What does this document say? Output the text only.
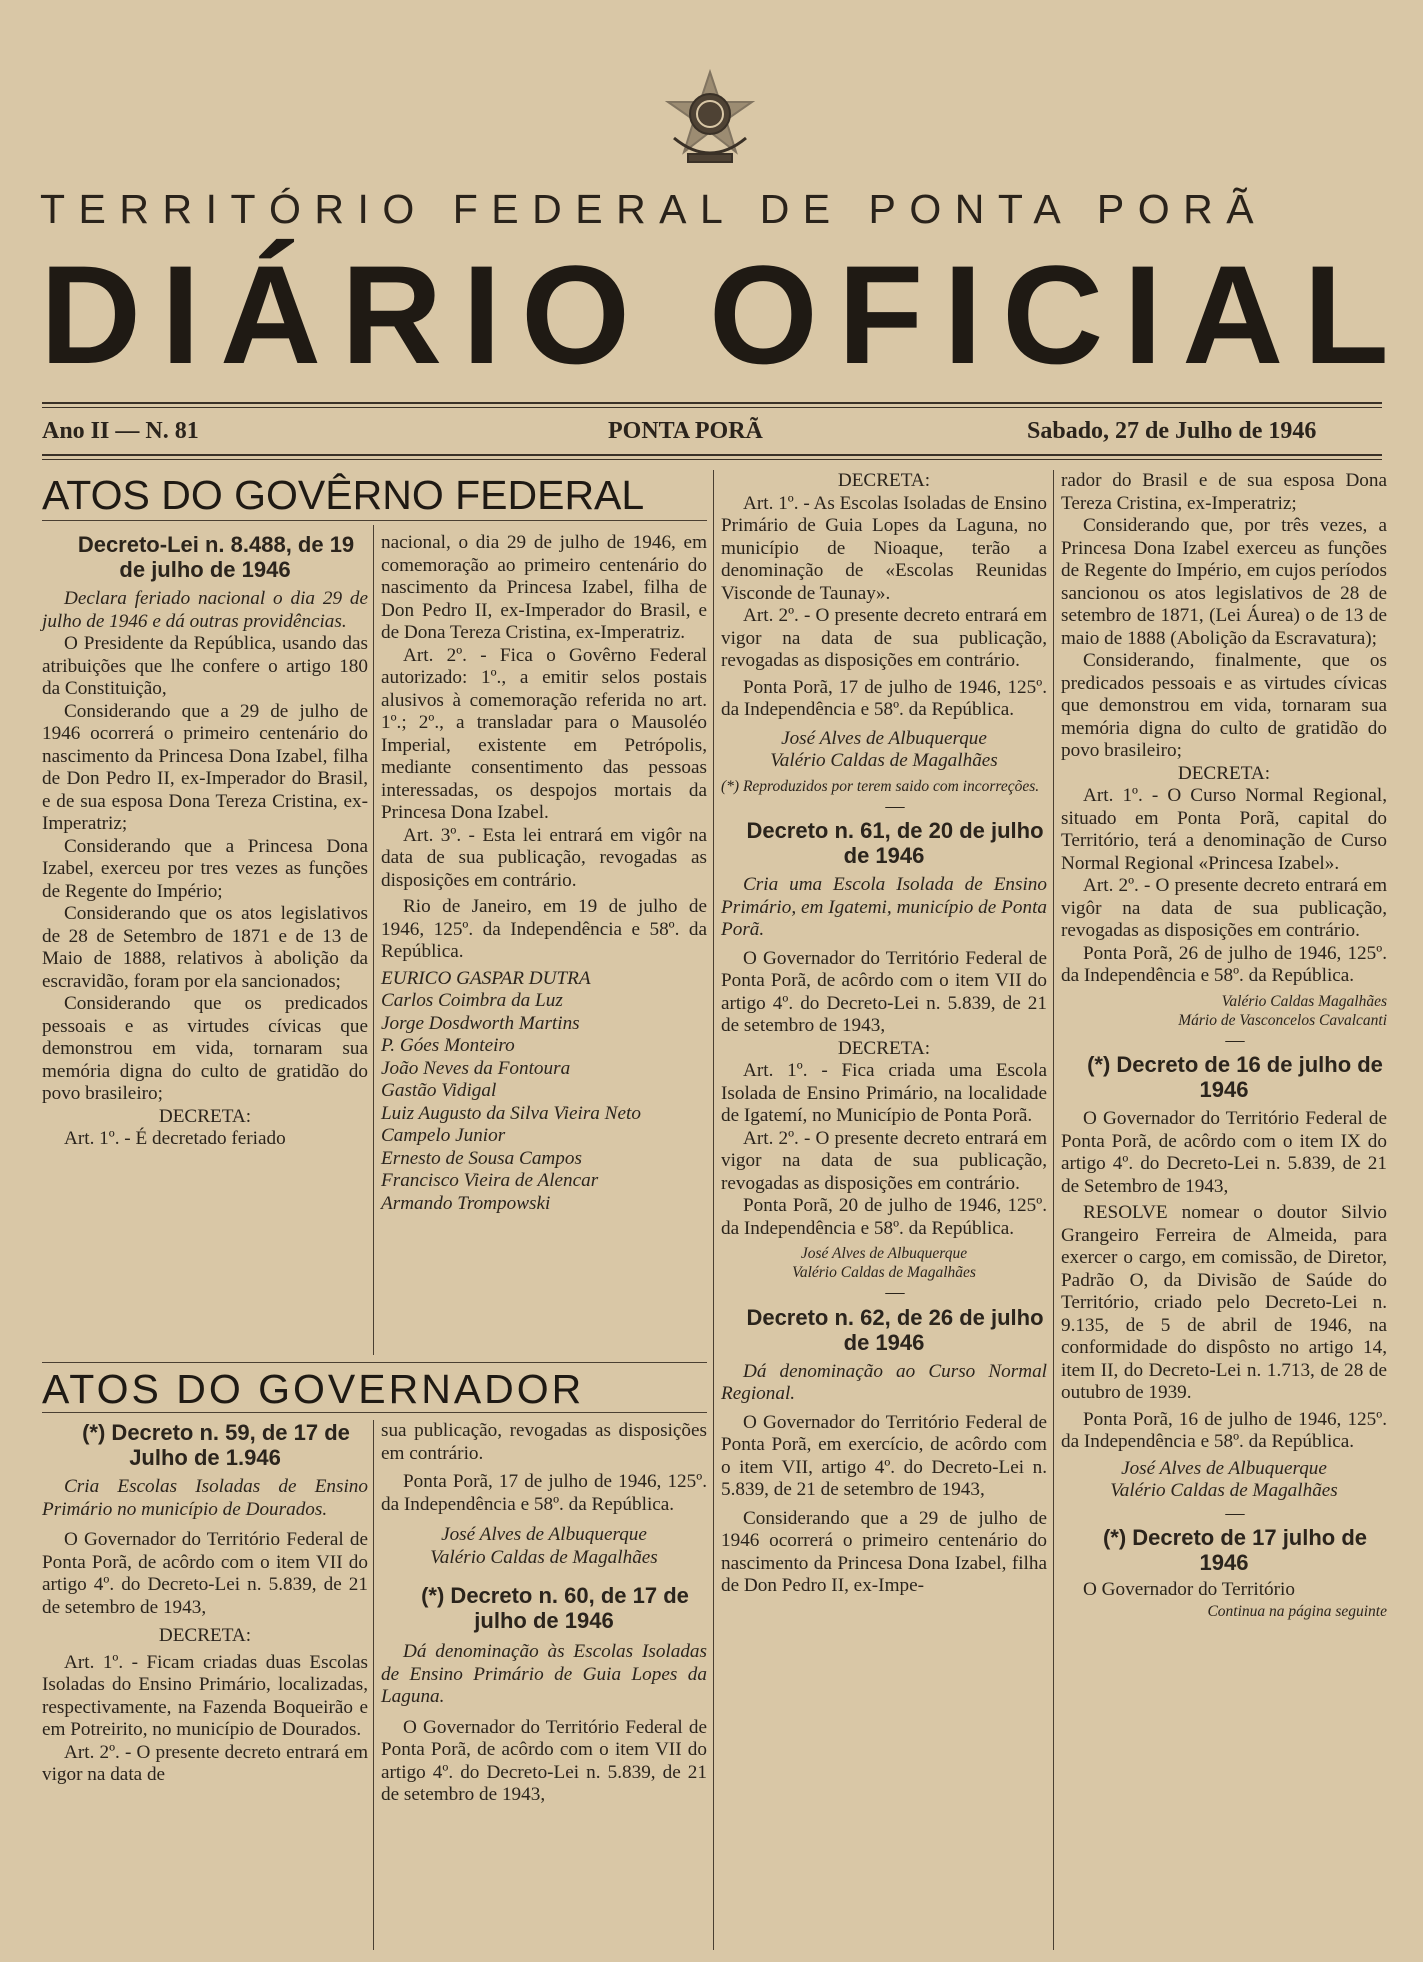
TERRITÓRIO FEDERAL DE PONTA PORÃ
DIÁRIO OFICIAL
Ano II — N. 81	PONTA PORÃ	Sabado, 27 de Julho de 1946
ATOS DO GOVÊRNO FEDERAL

Decreto-Lei n. 8.488, de 19 de julho de 1946

Declara feriado nacional o dia 29 de julho de 1946 e dá outras providências.

O Presidente da República, usando das atribuições que lhe confere o artigo 180 da Constituição,

Considerando que a 29 de julho de 1946 ocorrerá o primeiro centenário do nascimento da Princesa Dona Izabel, filha de Don Pedro II, ex-Imperador do Brasil, e de sua esposa Dona Tereza Cristina, ex-Imperatriz;

Considerando que a Princesa Dona Izabel, exerceu por tres vezes as funções de Regente do Império;

Considerando que os atos legislativos de 28 de Setembro de 1871 e de 13 de Maio de 1888, relativos à abolição da escravidão, foram por ela sancionados;

Considerando que os predicados pessoais e as virtudes cívicas que demonstrou em vida, tornaram sua memória digna do culto de gratidão do povo brasileiro;

DECRETA:

Art. 1º. - É decretado feriado

nacional, o dia 29 de julho de 1946, em comemoração ao primeiro centenário do nascimento da Princesa Izabel, filha de Don Pedro II, ex-Imperador do Brasil, e de Dona Tereza Cristina, ex-Imperatriz.

Art. 2º. - Fica o Govêrno Federal autorizado: 1º., a emitir selos postais alusivos à comemoração referida no art. 1º.; 2º., a transladar para o Mausoléo Imperial, existente em Petrópolis, mediante consentimento das pessoas interessadas, os despojos mortais da Princesa Dona Izabel.

Art. 3º. - Esta lei entrará em vigôr na data de sua publicação, revogadas as disposições em contrário.

Rio de Janeiro, em 19 de julho de 1946, 125º. da Independência e 58º. da República.

EURICO GASPAR DUTRA

Carlos Coimbra da Luz

Jorge Dosdworth Martins

P. Góes Monteiro

João Neves da Fontoura

Gastão Vidigal

Luiz Augusto da Silva Vieira Neto

Campelo Junior

Ernesto de Sousa Campos

Francisco Vieira de Alencar

Armando Trompowski

ATOS DO GOVERNADOR

(*) Decreto n. 59, de 17 de Julho de 1.946

Cria Escolas Isoladas de Ensino Primário no município de Dourados.

O Governador do Território Federal de Ponta Porã, de acôrdo com o item VII do artigo 4º. do Decreto-Lei n. 5.839, de 21 de setembro de 1943,

DECRETA:

Art. 1º. - Ficam criadas duas Escolas Isoladas do Ensino Primário, localizadas, respectivamente, na Fazenda Boqueirão e em Potreirito, no município de Dourados.

Art. 2º. - O presente decreto entrará em vigor na data de

sua publicação, revogadas as disposições em contrário.

Ponta Porã, 17 de julho de 1946, 125º. da Independência e 58º. da República.

José Alves de Albuquerque

Valério Caldas de Magalhães

(*) Decreto n. 60, de 17 de julho de 1946

Dá denominação às Escolas Isoladas de Ensino Primário de Guia Lopes da Laguna.

O Governador do Território Federal de Ponta Porã, de acôrdo com o item VII do artigo 4º. do Decreto-Lei n. 5.839, de 21 de setembro de 1943,

DECRETA:

Art. 1º. - As Escolas Isoladas de Ensino Primário de Guia Lopes da Laguna, no município de Nioaque, terão a denominação de «Escolas Reunidas Visconde de Taunay».

Art. 2º. - O presente decreto entrará em vigor na data de sua publicação, revogadas as disposições em contrário.

Ponta Porã, 17 de julho de 1946, 125º. da Independência e 58º. da República.

José Alves de Albuquerque

Valério Caldas de Magalhães

(*) Reproduzidos por terem saido com incorreções.

—

Decreto n. 61, de 20 de julho de 1946

Cria uma Escola Isolada de Ensino Primário, em Igatemi, município de Ponta Porã.

O Governador do Território Federal de Ponta Porã, de acôrdo com o item VII do artigo 4º. do Decreto-Lei n. 5.839, de 21 de setembro de 1943,

DECRETA:

Art. 1º. - Fica criada uma Escola Isolada de Ensino Primário, na localidade de Igatemí, no Município de Ponta Porã.

Art. 2º. - O presente decreto entrará em vigor na data de sua publicação, revogadas as disposições em contrário.

Ponta Porã, 20 de julho de 1946, 125º. da Independência e 58º. da República.

José Alves de Albuquerque

Valério Caldas de Magalhães

—

Decreto n. 62, de 26 de julho de 1946

Dá denominação ao Curso Normal Regional.

O Governador do Território Federal de Ponta Porã, em exercício, de acôrdo com o item VII, artigo 4º. do Decreto-Lei n. 5.839, de 21 de setembro de 1943,

Considerando que a 29 de julho de 1946 ocorrerá o primeiro centenário do nascimento da Princesa Dona Izabel, filha de Don Pedro II, ex-Impe-

rador do Brasil e de sua esposa Dona Tereza Cristina, ex-Imperatriz;

Considerando que, por três vezes, a Princesa Dona Izabel exerceu as funções de Regente do Império, em cujos períodos sancionou os atos legislativos de 28 de setembro de 1871, (Lei Áurea) o de 13 de maio de 1888 (Abolição da Escravatura);

Considerando, finalmente, que os predicados pessoais e as virtudes cívicas que demonstrou em vida, tornaram sua memória digna do culto de gratidão do povo brasileiro;

DECRETA:

Art. 1º. - O Curso Normal Regional, situado em Ponta Porã, capital do Território, terá a denominação de Curso Normal Regional «Princesa Izabel».

Art. 2º. - O presente decreto entrará em vigôr na data de sua publicação, revogadas as disposições em contrário.

Ponta Porã, 26 de julho de 1946, 125º. da Independência e 58º. da República.

Valério Caldas Magalhães

Mário de Vasconcelos Cavalcanti

—

(*) Decreto de 16 de julho de 1946

O Governador do Território Federal de Ponta Porã, de acôrdo com o item IX do artigo 4º. do Decreto-Lei n. 5.839, de 21 de Setembro de 1943,

RESOLVE nomear o doutor Silvio Grangeiro Ferreira de Almeida, para exercer o cargo, em comissão, de Diretor, Padrão O, da Divisão de Saúde do Território, criado pelo Decreto-Lei n. 9.135, de 5 de abril de 1946, na conformidade do dispôsto no artigo 14, item II, do Decreto-Lei n. 1.713, de 28 de outubro de 1939.

Ponta Porã, 16 de julho de 1946, 125º. da Independência e 58º. da República.

José Alves de Albuquerque

Valério Caldas de Magalhães

—

(*) Decreto de 17 julho de 1946

O Governador do Território

Continua na página seguinte
